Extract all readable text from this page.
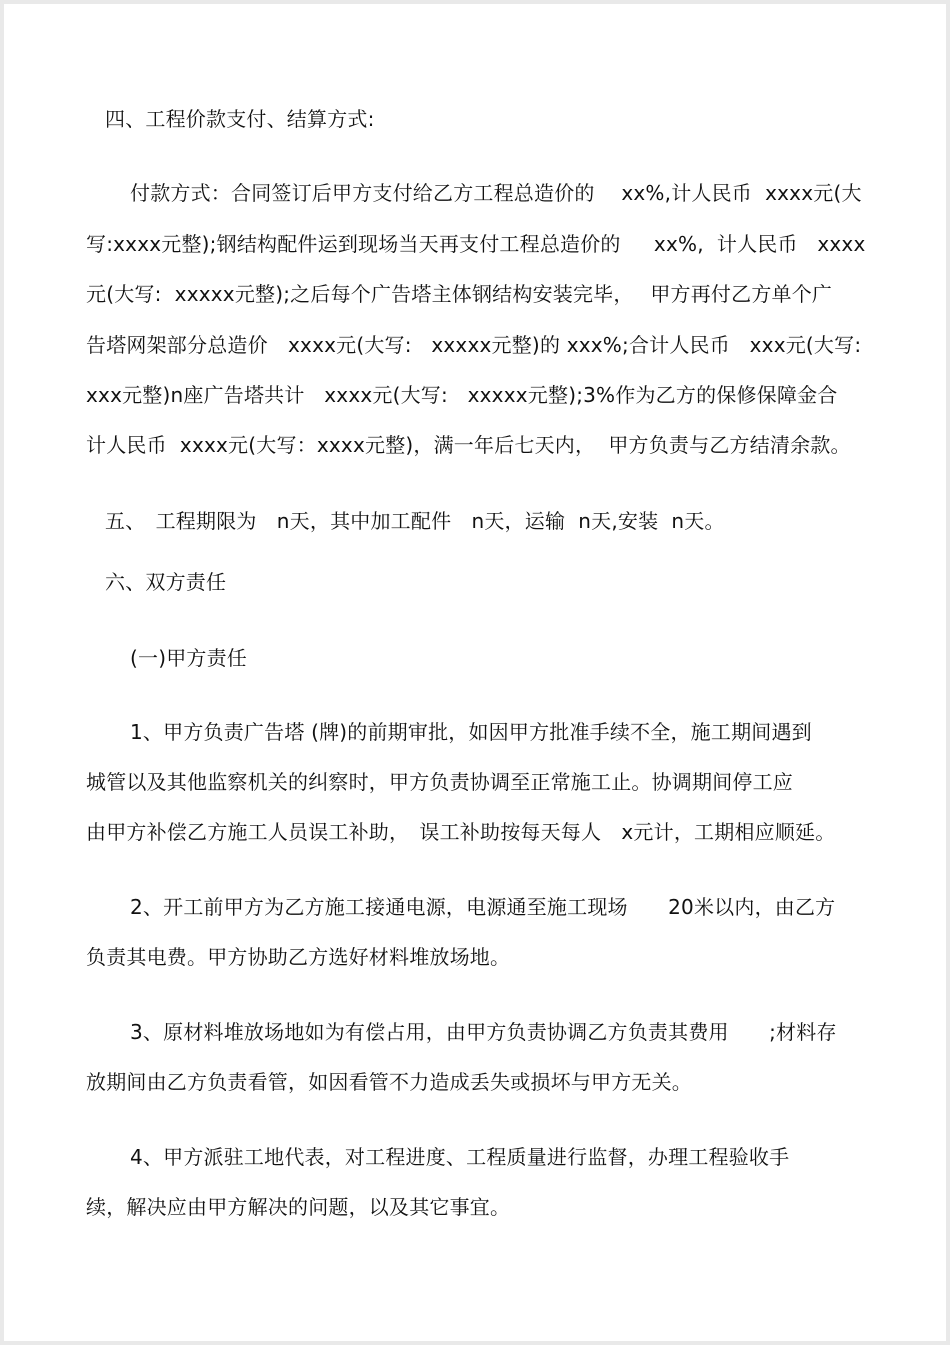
四、工程价款支付、结算方式:
付款方式：合同签订后甲方支付给乙方工程总造价的　 xx%,计人民币  xxxx元(大
写:xxxx元整);钢结构配件运到现场当天再支付工程总造价的　  xx%,  计人民币   xxxx
元(大写:  xxxxx元整);之后每个广告塔主体钢结构安装完毕，　 甲方再付乙方单个广
告塔网架部分总造价　xxxx元(大写:   xxxxx元整)的 xxx%;合计人民币   xxx元(大写:
xxx元整)n座广告塔共计   xxxx元(大写:   xxxxx元整);3%作为乙方的保修保障金合
计人民币  xxxx元(大写：xxxx元整)，满一年后七天内，  甲方负责与乙方结清余款。
五、　工程期限为　n天，其中加工配件　n天，运输  n天,安装  n天。
六、双方责任
(一)甲方责任
1、甲方负责广告塔 (牌)的前期审批，如因甲方批准手续不全，施工期间遇到
城管以及其他监察机关的纠察时，甲方负责协调至正常施工止。协调期间停工应
由甲方补偿乙方施工人员误工补助，　误工补助按每天每人　x元计，工期相应顺延。
2、开工前甲方为乙方施工接通电源，电源通至施工现场　　20米以内，由乙方
负责其电费。甲方协助乙方选好材料堆放场地。
3、原材料堆放场地如为有偿占用，由甲方负责协调乙方负责其费用　　;材料存
放期间由乙方负责看管，如因看管不力造成丢失或损坏与甲方无关。
4、甲方派驻工地代表，对工程进度、工程质量进行监督，办理工程验收手
续，解决应由甲方解决的问题，以及其它事宜。
